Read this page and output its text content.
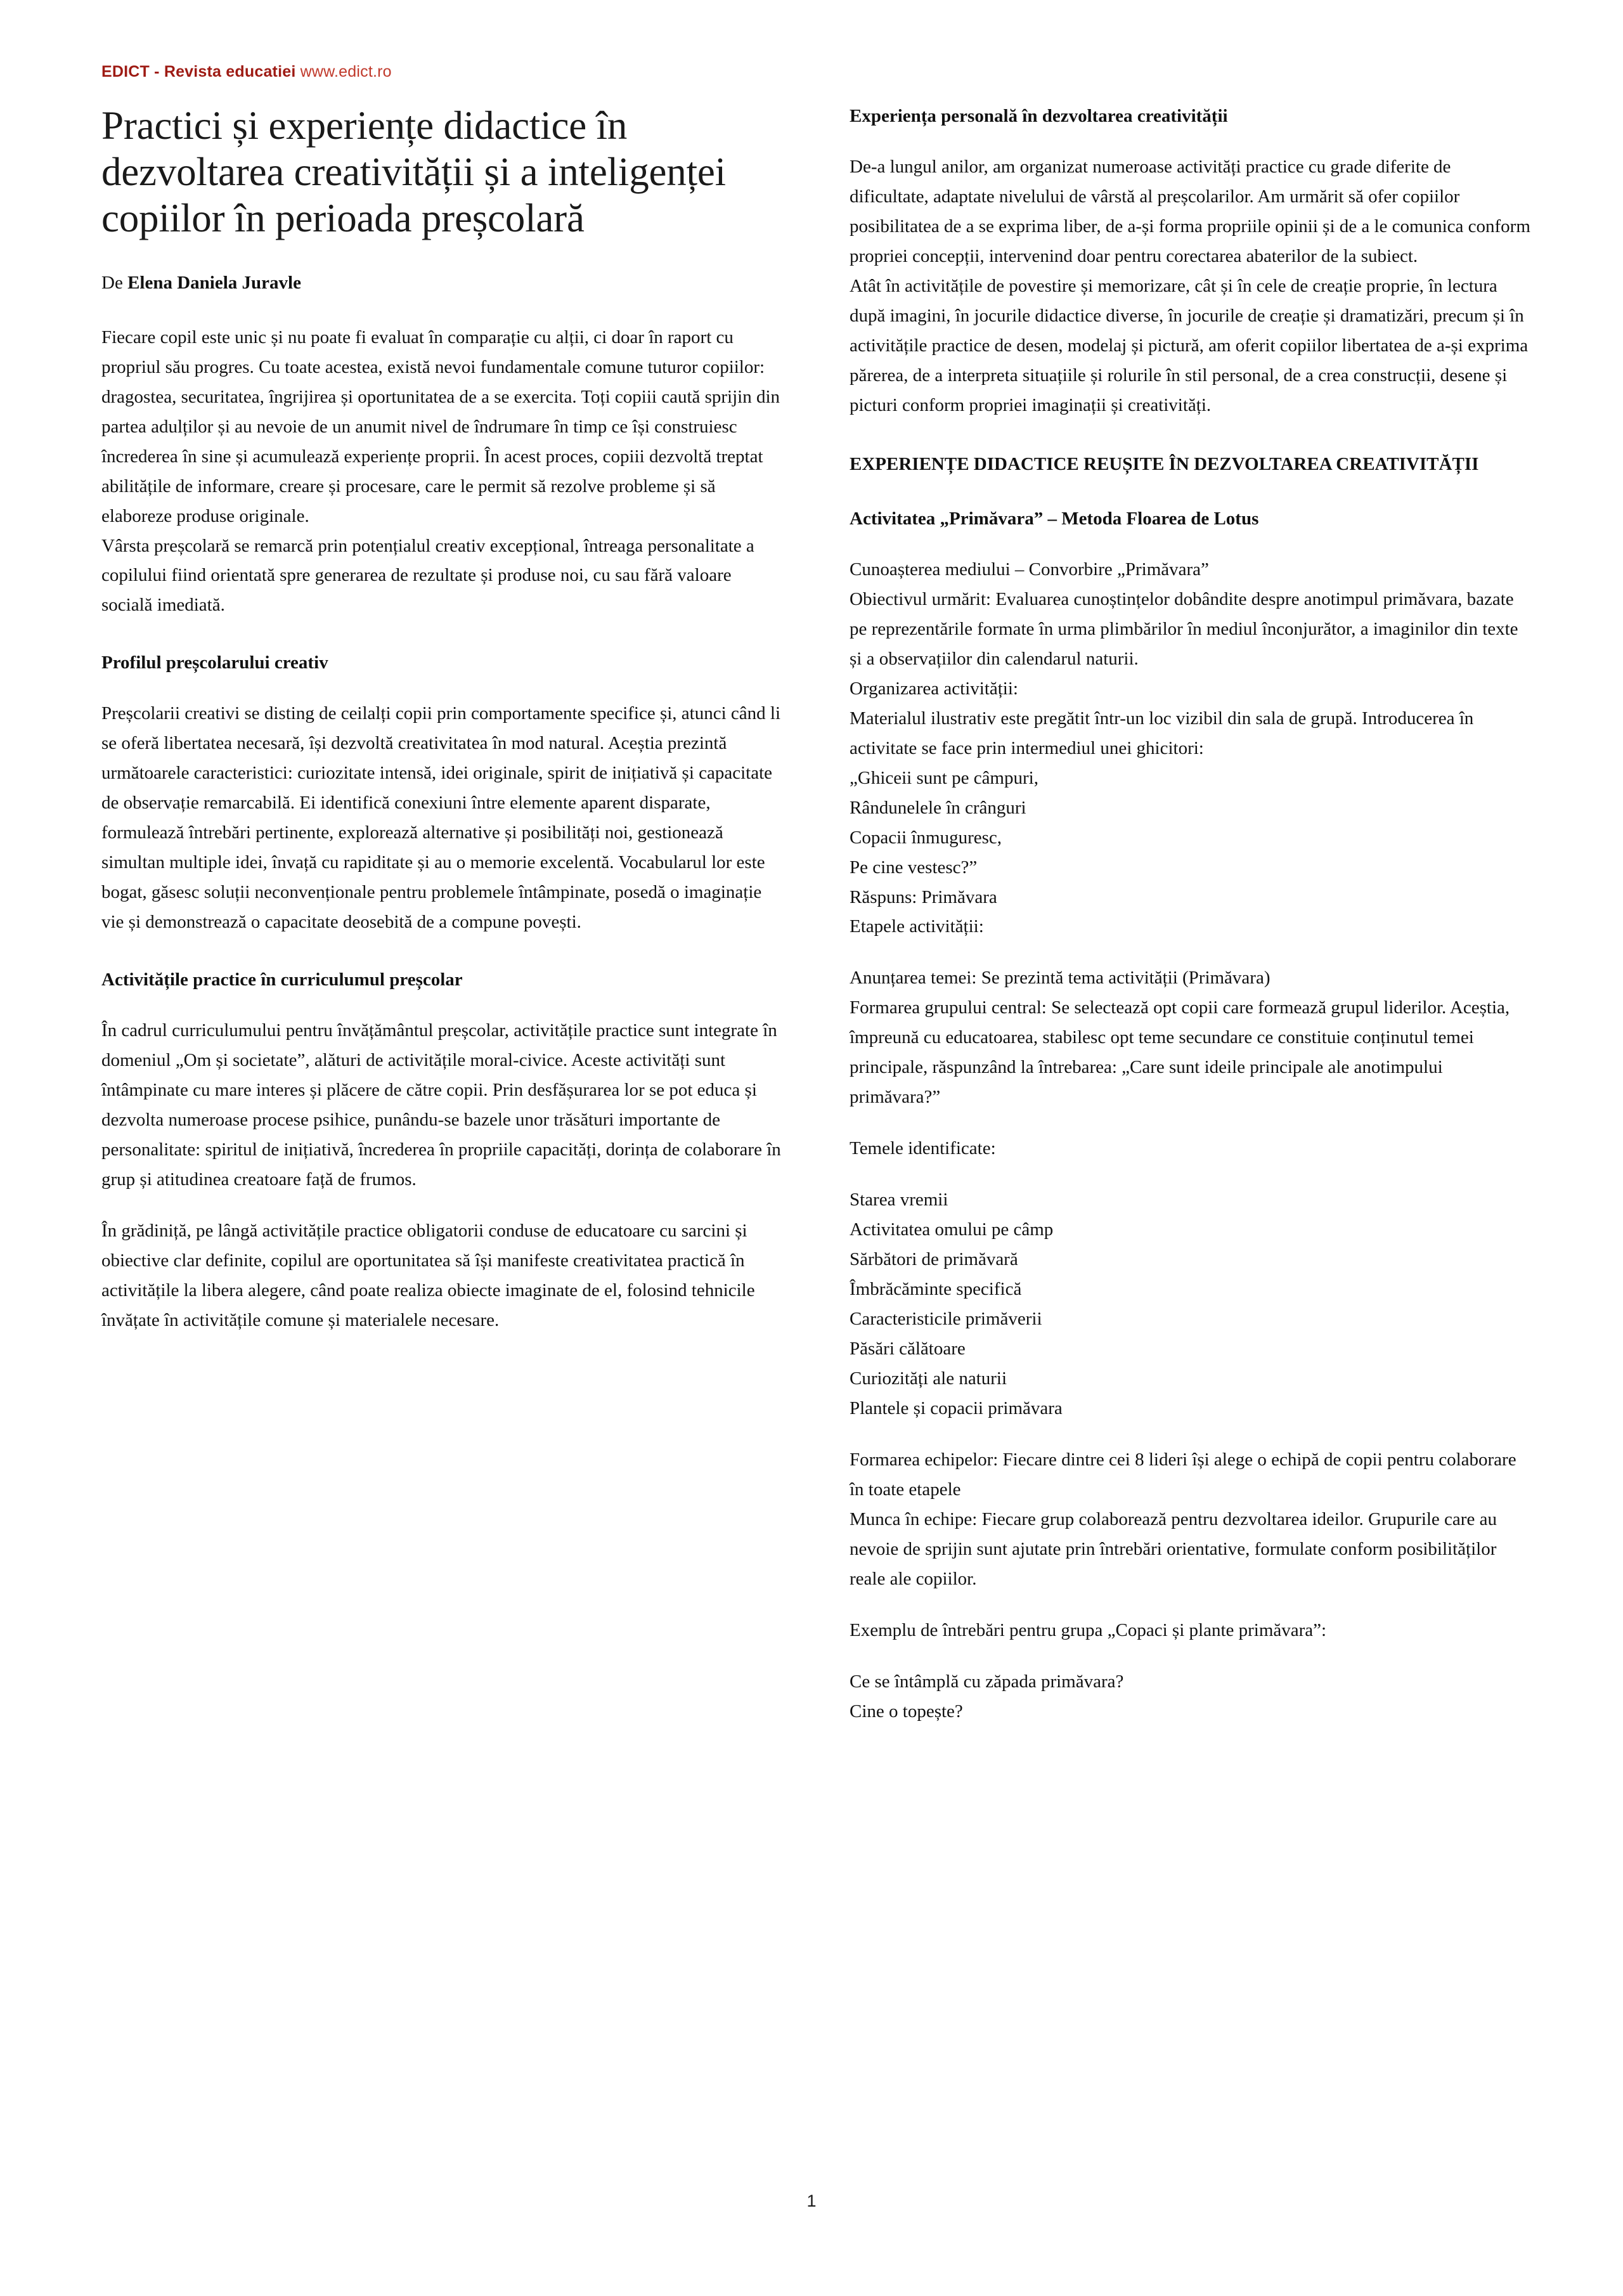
EDICT - Revista educatiei www.edict.ro
Practici și experiențe didactice în dezvoltarea creativității și a inteligenței copiilor în perioada preșcolară

De Elena Daniela Juravle

Fiecare copil este unic și nu poate fi evaluat în comparație cu alții, ci doar în raport cu propriul său progres. Cu toate acestea, există nevoi fundamentale comune tuturor copiilor: dragostea, securitatea, îngrijirea și oportunitatea de a se exercita. Toți copiii caută sprijin din partea adulților și au nevoie de un anumit nivel de îndrumare în timp ce își construiesc încrederea în sine și acumulează experiențe proprii. În acest proces, copiii dezvoltă treptat abilitățile de informare, creare și procesare, care le permit să rezolve probleme și să elaboreze produse originale.

Vârsta preșcolară se remarcă prin potențialul creativ excepțional, întreaga personalitate a copilului fiind orientată spre generarea de rezultate și produse noi, cu sau fără valoare socială imediată.

Profilul preșcolarului creativ

Preșcolarii creativi se disting de ceilalți copii prin comportamente specifice și, atunci când li se oferă libertatea necesară, își dezvoltă creativitatea în mod natural. Aceștia prezintă următoarele caracteristici: curiozitate intensă, idei originale, spirit de inițiativă și capacitate de observație remarcabilă. Ei identifică conexiuni între elemente aparent disparate, formulează întrebări pertinente, explorează alternative și posibilități noi, gestionează simultan multiple idei, învață cu rapiditate și au o memorie excelentă. Vocabularul lor este bogat, găsesc soluții neconvenționale pentru problemele întâmpinate, posedă o imaginație vie și demonstrează o capacitate deosebită de a compune povești.

Activitățile practice în curriculumul preșcolar

În cadrul curriculumului pentru învățământul preșcolar, activitățile practice sunt integrate în domeniul „Om și societate”, alături de activitățile moral-civice. Aceste activități sunt întâmpinate cu mare interes și plăcere de către copii. Prin desfășurarea lor se pot educa și dezvolta numeroase procese psihice, punându-se bazele unor trăsături importante de personalitate: spiritul de inițiativă, încrederea în propriile capacități, dorința de colaborare în grup și atitudinea creatoare față de frumos.

În grădiniță, pe lângă activitățile practice obligatorii conduse de educatoare cu sarcini și obiective clar definite, copilul are oportunitatea să își manifeste creativitatea practică în activitățile la libera alegere, când poate realiza obiecte imaginate de el, folosind tehnicile învățate în activitățile comune și materialele necesare.

Experiența personală în dezvoltarea creativității

De-a lungul anilor, am organizat numeroase activități practice cu grade diferite de dificultate, adaptate nivelului de vârstă al preșcolarilor. Am urmărit să ofer copiilor posibilitatea de a se exprima liber, de a-și forma propriile opinii și de a le comunica conform propriei concepții, intervenind doar pentru corectarea abaterilor de la subiect.

Atât în activitățile de povestire și memorizare, cât și în cele de creație proprie, în lectura după imagini, în jocurile didactice diverse, în jocurile de creație și dramatizări, precum și în activitățile practice de desen, modelaj și pictură, am oferit copiilor libertatea de a-și exprima părerea, de a interpreta situațiile și rolurile în stil personal, de a crea construcții, desene și picturi conform propriei imaginații și creativități.

EXPERIENȚE DIDACTICE REUȘITE ÎN DEZVOLTAREA CREATIVITĂȚII
Activitatea „Primăvara” – Metoda Floarea de Lotus
Cunoașterea mediului – Convorbire „Primăvara”
Obiectivul urmărit: Evaluarea cunoștințelor dobândite despre anotimpul primăvara, bazate pe reprezentările formate în urma plimbărilor în mediul înconjurător, a imaginilor din texte și a observațiilor din calendarul naturii.
Organizarea activității:
Materialul ilustrativ este pregătit într-un loc vizibil din sala de grupă. Introducerea în activitate se face prin intermediul unei ghicitori:
„Ghiceii sunt pe câmpuri,
Rândunelele în crânguri
Copacii înmuguresc,
Pe cine vestesc?”
Răspuns: Primăvara
Etapele activității:
Anunțarea temei: Se prezintă tema activității (Primăvara)
Formarea grupului central: Se selectează opt copii care formează grupul liderilor. Aceștia, împreună cu educatoarea, stabilesc opt teme secundare ce constituie conținutul temei principale, răspunzând la întrebarea: „Care sunt ideile principale ale anotimpului primăvara?”
Temele identificate:
Starea vremii
Activitatea omului pe câmp
Sărbători de primăvară
Îmbrăcăminte specifică
Caracteristicile primăverii
Păsări călătoare
Curiozități ale naturii
Plantele și copacii primăvara
Formarea echipelor: Fiecare dintre cei 8 lideri își alege o echipă de copii pentru colaborare în toate etapele
Munca în echipe: Fiecare grup colaborează pentru dezvoltarea ideilor. Grupurile care au nevoie de sprijin sunt ajutate prin întrebări orientative, formulate conform posibilităților reale ale copiilor.
Exemplu de întrebări pentru grupa „Copaci și plante primăvara”:
Ce se întâmplă cu zăpada primăvara?
Cine o topește?
1
